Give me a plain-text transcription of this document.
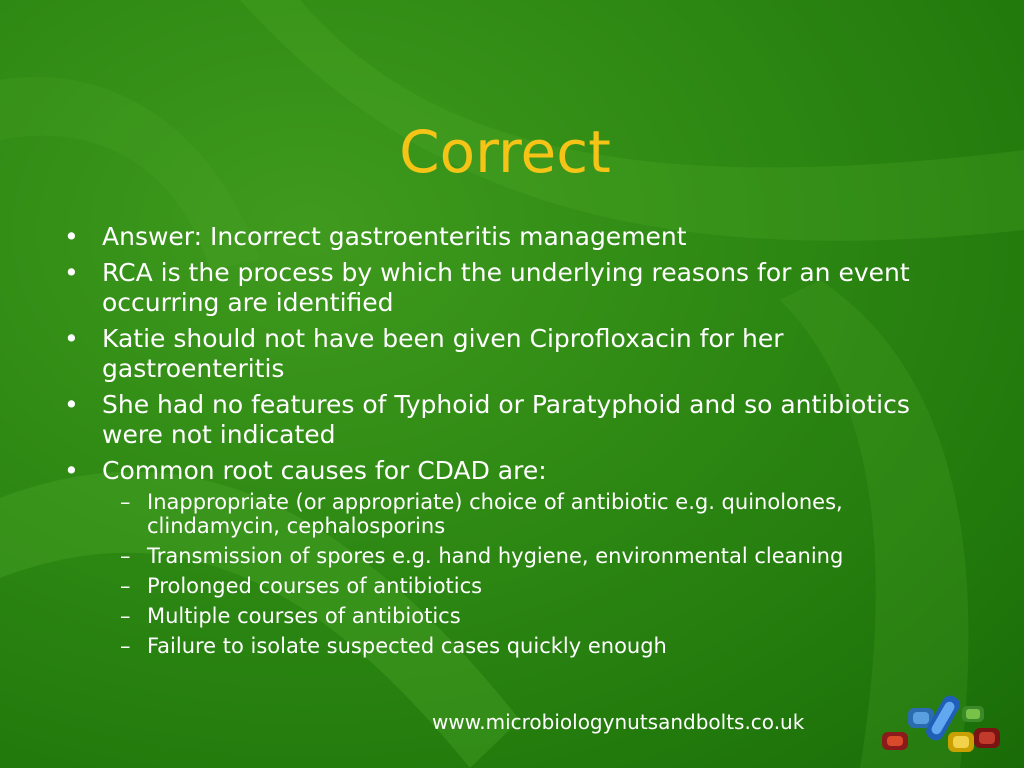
Correct
• Answer: Incorrect gastroenteritis management
• RCA is the process by which the underlying reasons for an event occurring are identified
• Katie should not have been given Ciprofloxacin for her gastroenteritis
• She had no features of Typhoid or Paratyphoid and so antibiotics were not indicated
• Common root causes for CDAD are:
– Inappropriate (or appropriate) choice of antibiotic e.g. quinolones, clindamycin, cephalosporins
– Transmission of spores e.g. hand hygiene, environmental cleaning
– Prolonged courses of antibiotics
– Multiple courses of antibiotics
– Failure to isolate suspected cases quickly enough
www.microbiologynutsandbolts.co.uk
